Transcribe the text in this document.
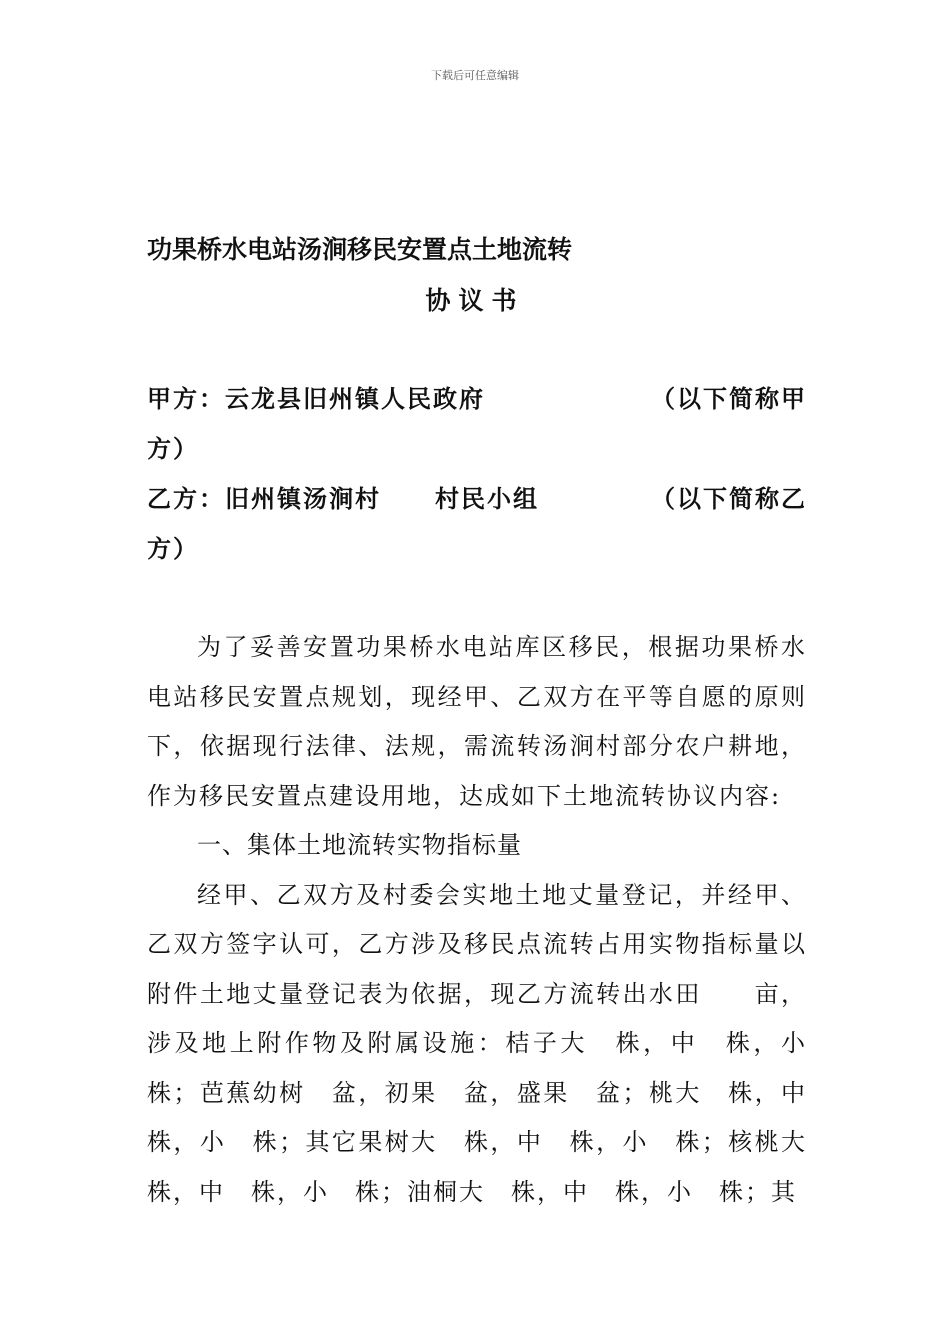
下载后可任意编辑
功果桥水电站汤涧移民安置点土地流转
协议书
甲方：云龙县旧州镇人民政府	（以下简称甲
方）
乙方：旧州镇汤涧村 村民小组	（以下简称乙
方）

为了妥善安置功果桥水电站库区移民，根据功果桥水电站移民安置点规划，现经甲、乙双方在平等自愿的原则下，依据现行法律、法规，需流转汤涧村部分农户耕地，作为移民安置点建设用地，达成如下土地流转协议内容:

一、集体土地流转实物指标量

经甲、乙双方及村委会实地土地丈量登记，并经甲、乙双方签字认可，乙方涉及移民点流转占用实物指标量以附件土地丈量登记表为依据，现乙方流转出水田　　亩，涉及地上附作物及附属设施：桔子大　株，中　株，小　株；芭蕉幼树　盆，初果　盆，盛果　盆；桃大　株，中　株，小　株；其它果树大　株，中　株，小　株；核桃大　株，中　株，小　株；油桐大　株，中　株，小　株；其
